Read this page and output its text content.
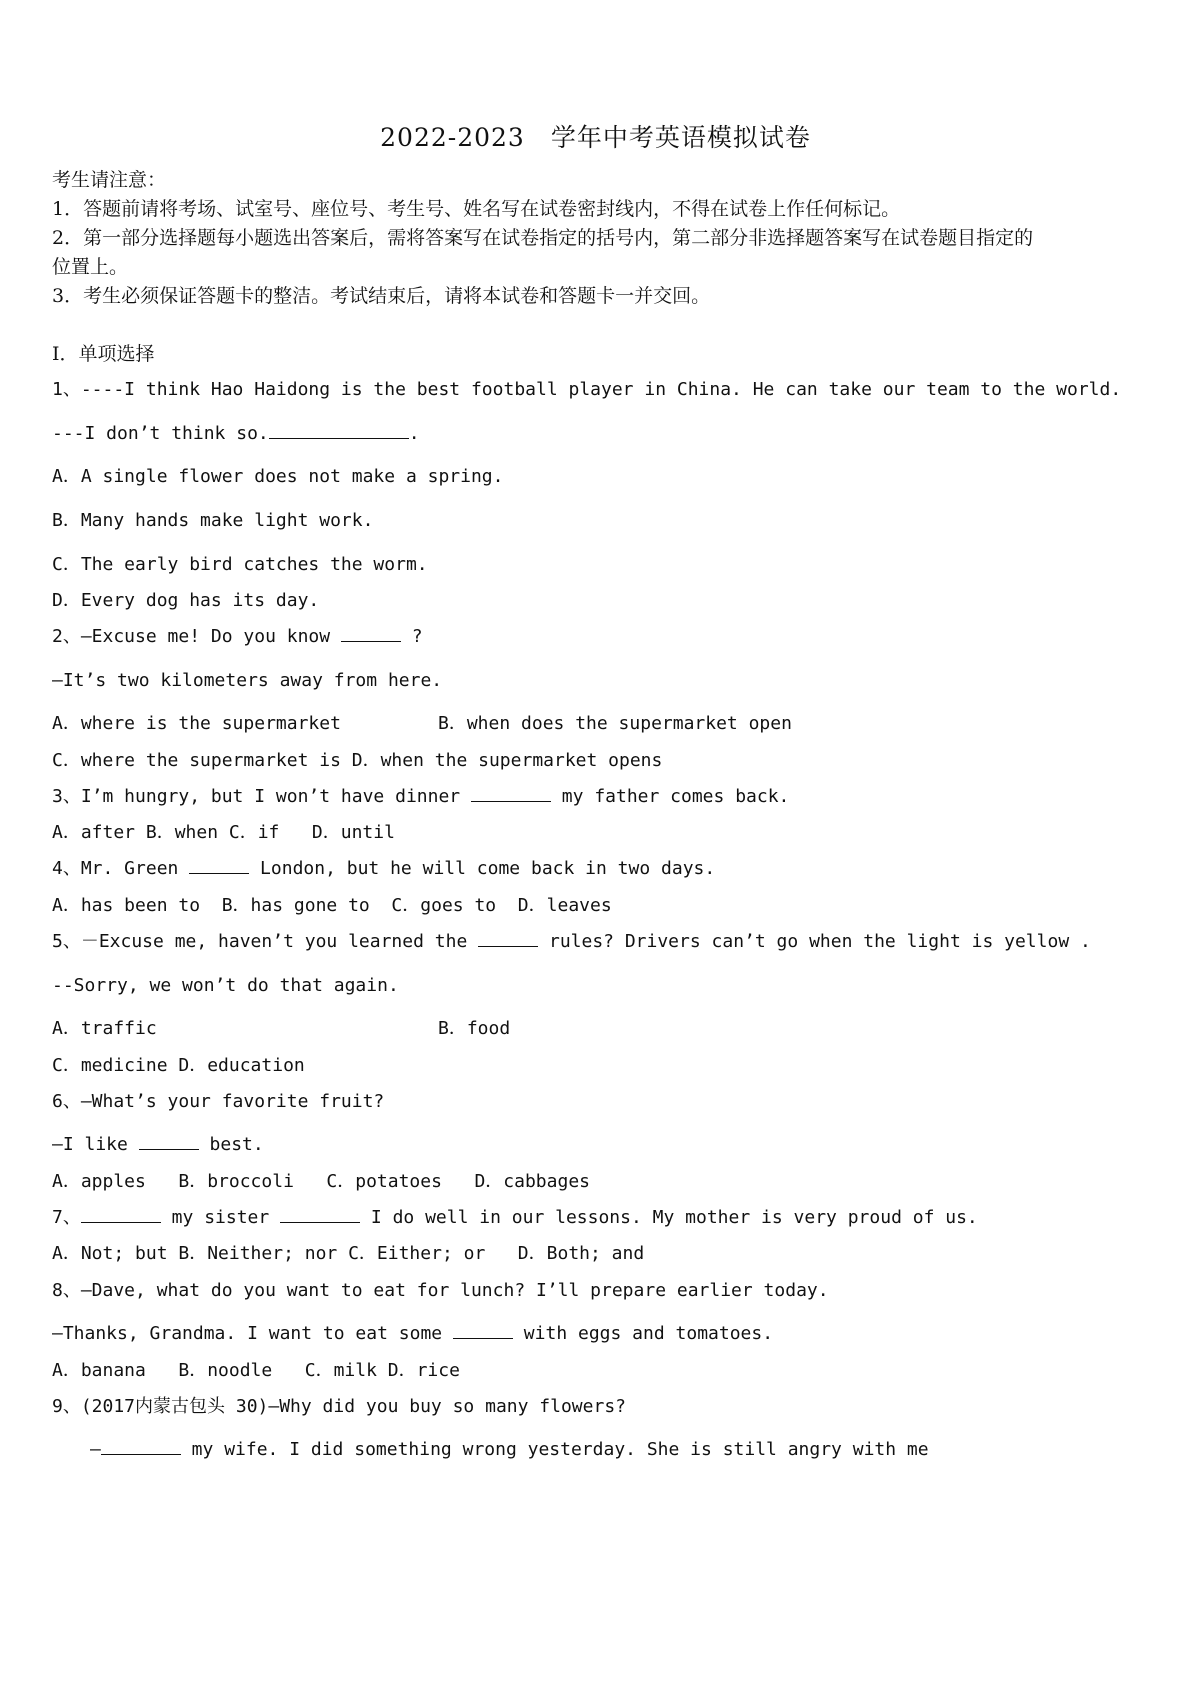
2022-2023　学年中考英语模拟试卷
考生请注意：
1．答题前请将考场、试室号、座位号、考生号、姓名写在试卷密封线内，不得在试卷上作任何标记。
2．第一部分选择题每小题选出答案后，需将答案写在试卷指定的括号内，第二部分非选择题答案写在试卷题目指定的
位置上。
3．考生必须保证答题卡的整洁。考试结束后，请将本试卷和答题卡一并交回。
Ⅰ．单项选择
1、----I think Hao Haidong is the best football player in China. He can take our team to the world.
---I don’t think so.	.
A．A single flower does not make a spring.
B．Many hands make light work.
C．The early bird catches the worm.
D．Every dog has its day.
2、—Excuse me! Do you know	?
—It’s two kilometers away from here.
A．where is the supermarket	B．when does the supermarket open
C．where the supermarket is D．when the supermarket opens
3、I’m hungry, but I won’t have dinner	my father comes back.
A．after B．when C．if   D．until
4、Mr. Green	London, but he will come back in two days.
A．has been to  B．has gone to  C．goes to  D．leaves
5、－Excuse me, haven’t you learned the	rules? Drivers can’t go when the light is yellow .
--Sorry, we won’t do that again.
A．traffic	B．food
C．medicine D．education
6、—What’s your favorite fruit?
—I like	best.
A．apples   B．broccoli   C．potatoes   D．cabbages
7、	my sister	I do well in our lessons. My mother is very proud of us.
A．Not; but B．Neither; nor C．Either; or   D．Both; and
8、—Dave, what do you want to eat for lunch? I’ll prepare earlier today.
—Thanks, Grandma. I want to eat some	with eggs and tomatoes.
A．banana   B．noodle   C．milk D．rice
9、(2017内蒙古包头 30)—Why did you buy so many flowers?
—	my wife. I did something wrong yesterday. She is still angry with me
